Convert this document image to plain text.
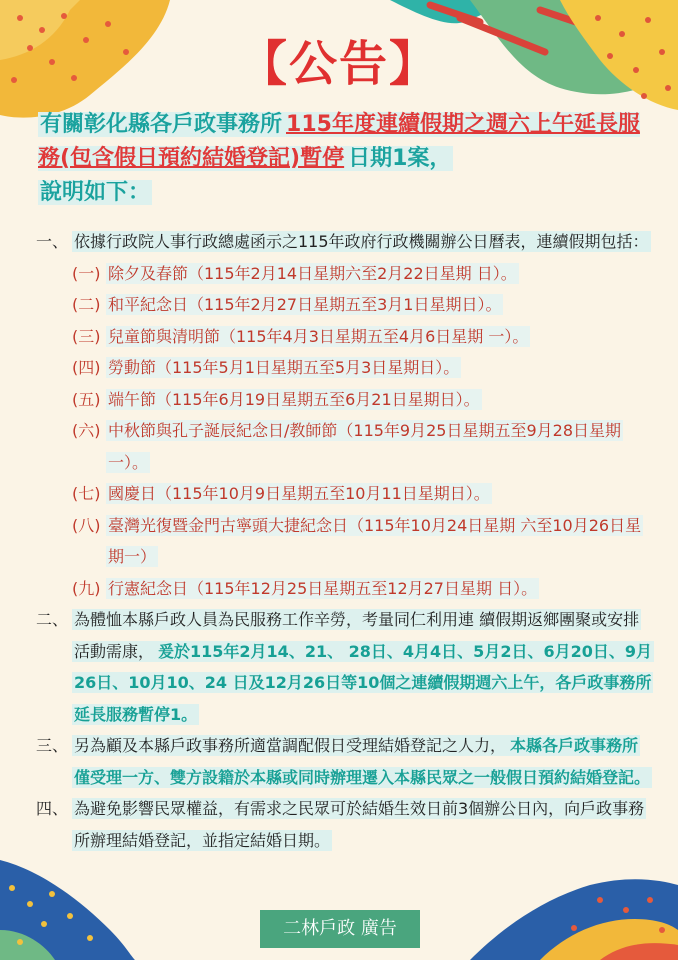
【公告】
有關彰化縣各戶政事務所 115年度連續假期之週六上午延長服務(包含假日預約結婚登記)暫停 日期1案，
說明如下：
一、 依據行政院人事行政總處函示之115年政府行政機關辦公日曆表，連續假期包括：
(一) 除夕及春節（115年2月14日星期六至2月22日星期 日）。
(二) 和平紀念日（115年2月27日星期五至3月1日星期日）。
(三) 兒童節與清明節（115年4月3日星期五至4月6日星期 一）。
(四) 勞動節（115年5月1日星期五至5月3日星期日）。
(五) 端午節（115年6月19日星期五至6月21日星期日）。
(六) 中秋節與孔子誕辰紀念日/教師節（115年9月25日星期五至9月28日星期一）。
(七) 國慶日（115年10月9日星期五至10月11日星期日）。
(八) 臺灣光復暨金門古寧頭大捷紀念日（115年10月24日星期 六至10月26日星期一）
(九) 行憲紀念日（115年12月25日星期五至12月27日星期 日）。
二、 為體恤本縣戶政人員為民服務工作辛勞，考量同仁利用連 續假期返鄉團聚或安排活動需康， 爰於115年2月14、21、 28日、4月4日、5月2日、6月20日、9月26日、10月10、24 日及12月26日等10個之連續假期週六上午，各戶政事務所 延長服務暫停1。
三、 另為顧及本縣戶政事務所適當調配假日受理結婚登記之人力， 本縣各戶政事務所僅受理一方、雙方設籍於本縣或同時辦理遷入本縣民眾之一般假日預約結婚登記。
四、 為避免影響民眾權益，有需求之民眾可於結婚生效日前3個辦公日內，向戶政事務所辦理結婚登記，並指定結婚日期。
二林戶政 廣告
